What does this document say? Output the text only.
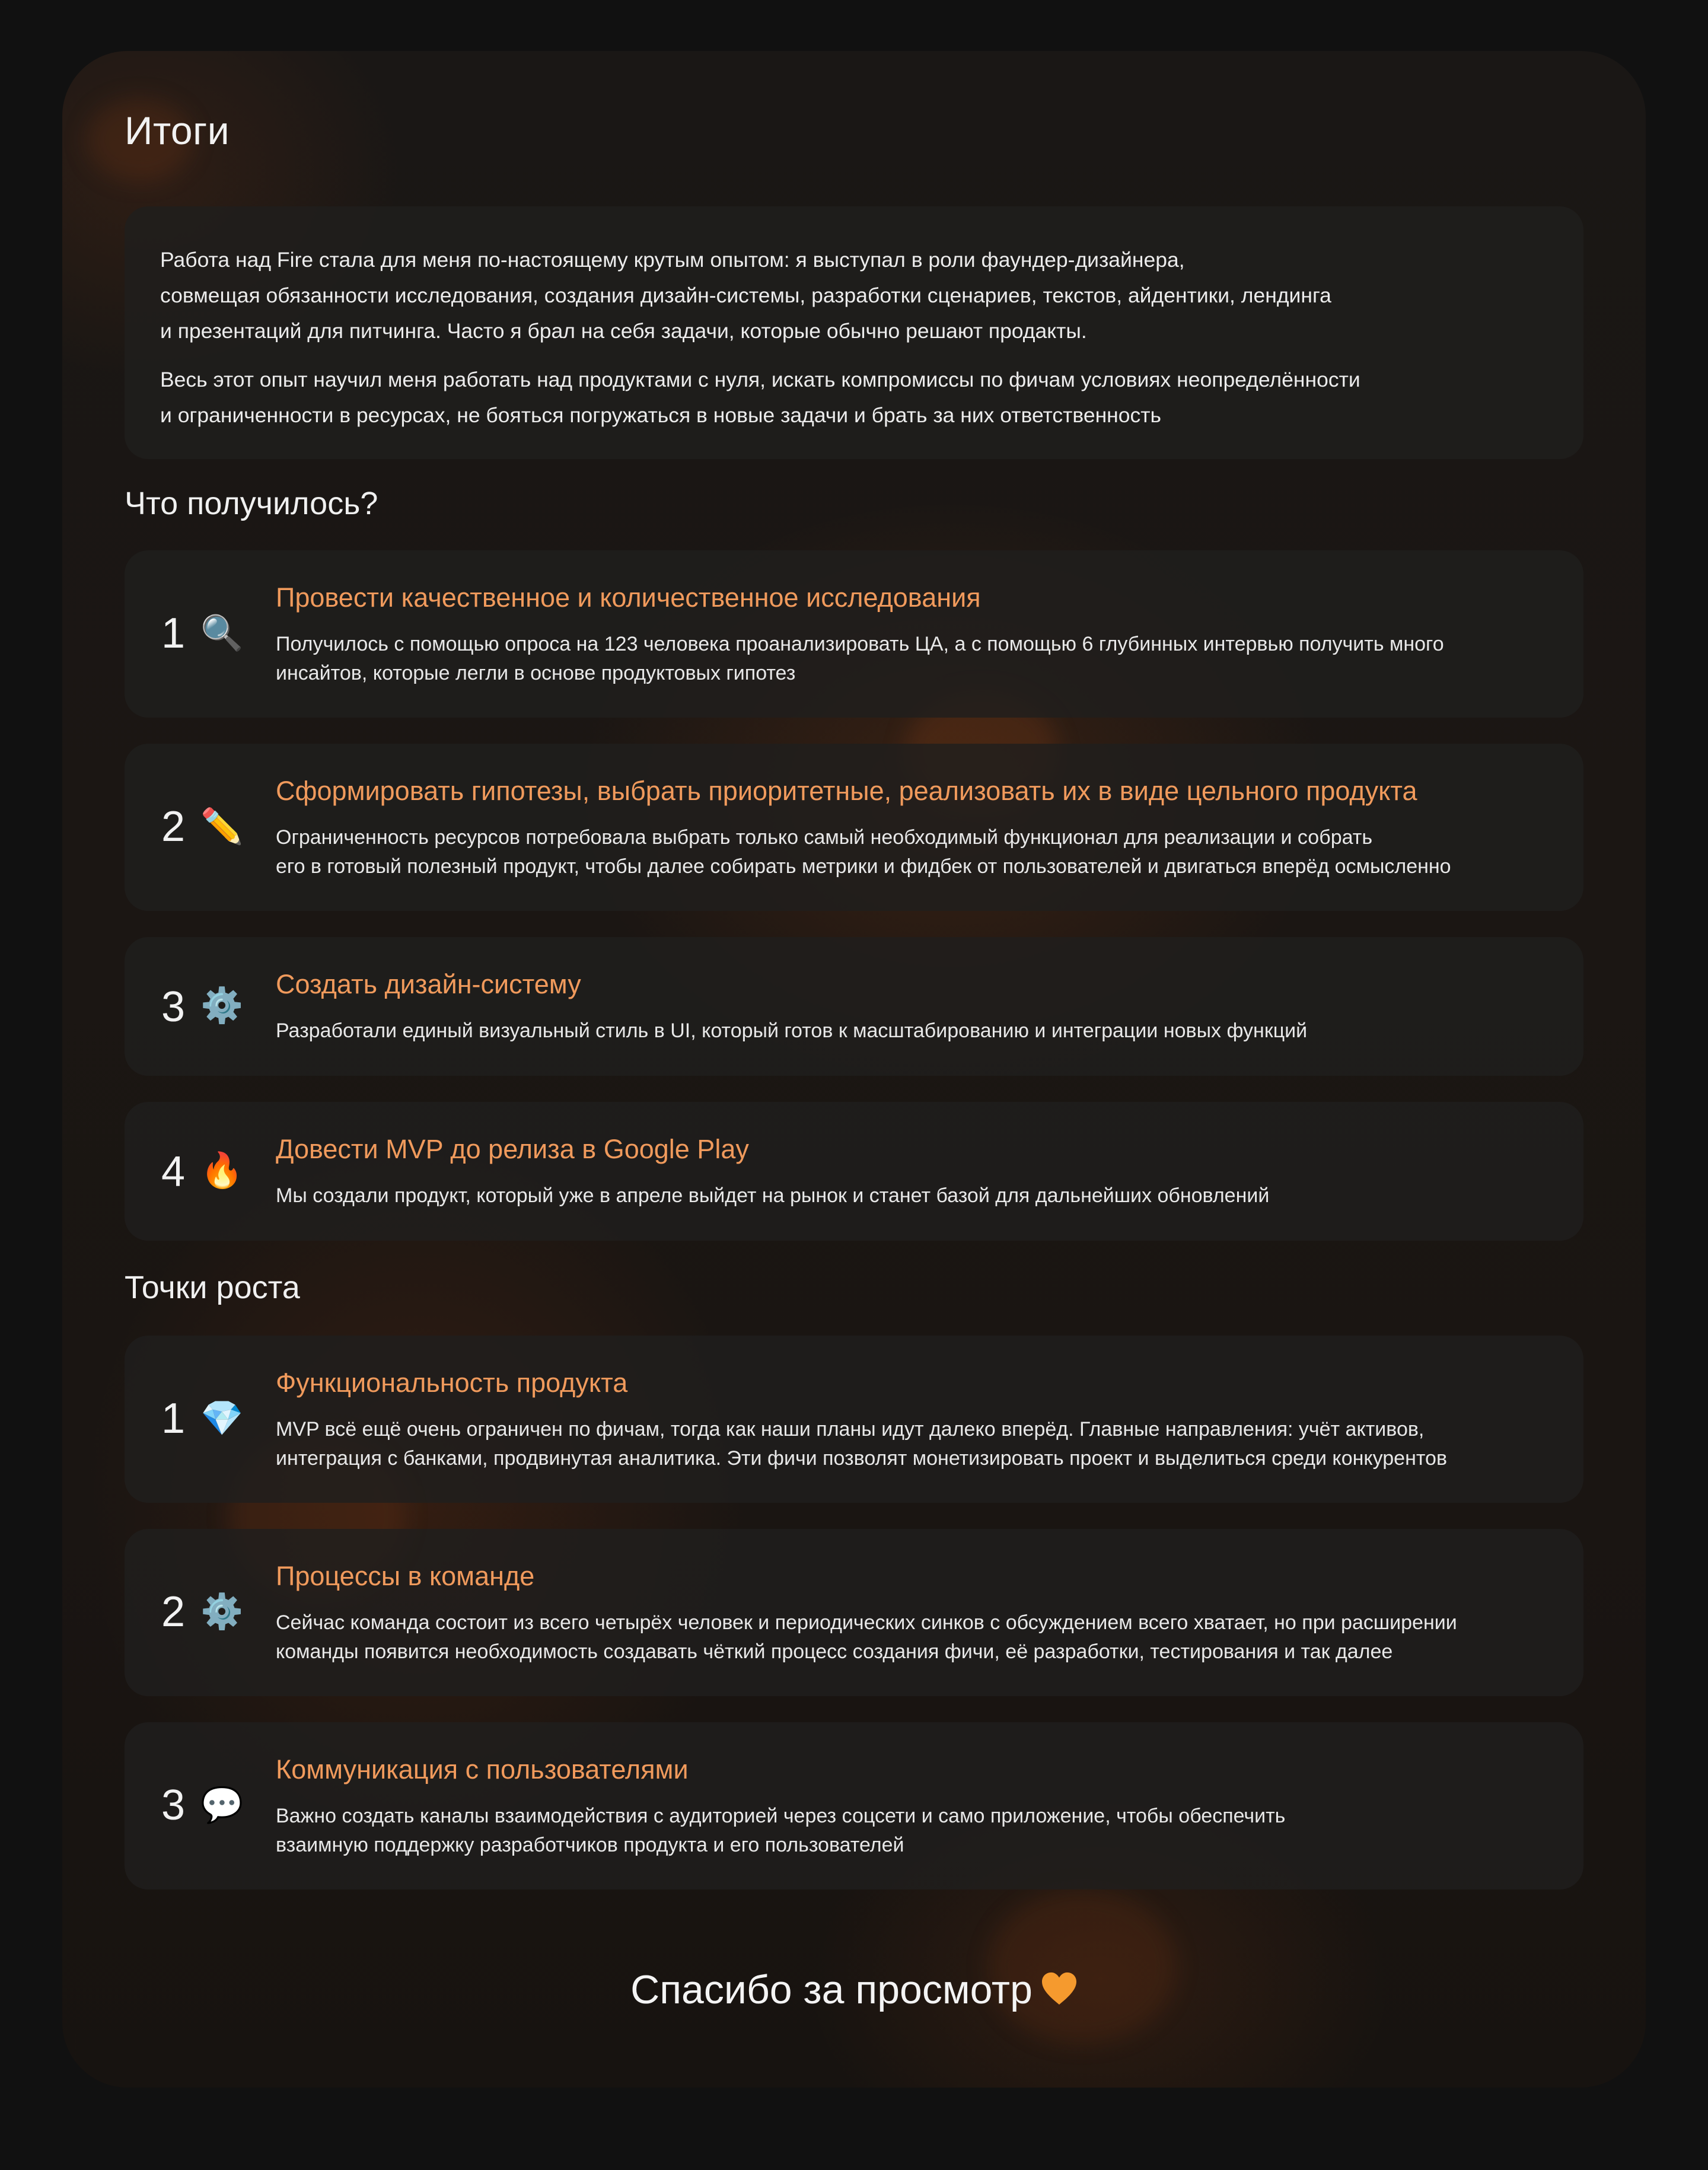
Итоги

Работа над Fire стала для меня по-настоящему крутым опытом: я выступал в роли фаундер-дизайнера,
совмещая обязанности исследования, создания дизайн-системы, разработки сценариев, текстов, айдентики, лендинга
и презентаций для питчинга. Часто я брал на себя задачи, которые обычно решают продакты.

Весь этот опыт научил меня работать над продуктами с нуля, искать компромиссы по фичам условиях неопределённости
и ограниченности в ресурсах, не бояться погружаться в новые задачи и брать за них ответственность

Что получилось?
1 🔍
Провести качественное и количественное исследования
Получилось с помощью опроса на 123 человека проанализировать ЦА, а с помощью 6 глубинных интервью получить много
инсайтов, которые легли в основе продуктовых гипотез
2 ✏️
Сформировать гипотезы, выбрать приоритетные, реализовать их в виде цельного продукта
Ограниченность ресурсов потребовала выбрать только самый необходимый функционал для реализации и собрать
его в готовый полезный продукт, чтобы далее собирать метрики и фидбек от пользователей и двигаться вперёд осмысленно
3 ⚙️
Создать дизайн-систему
Разработали единый визуальный стиль в UI, который готов к масштабированию и интеграции новых функций
4 🔥
Довести MVP до релиза в Google Play
Мы создали продукт, который уже в апреле выйдет на рынок и станет базой для дальнейших обновлений
Точки роста
1 💎
Функциональность продукта
MVP всё ещё очень ограничен по фичам, тогда как наши планы идут далеко вперёд. Главные направления: учёт активов,
интеграция с банками, продвинутая аналитика. Эти фичи позволят монетизировать проект и выделиться среди конкурентов
2 ⚙️
Процессы в команде
Сейчас команда состоит из всего четырёх человек и периодических синков с обсуждением всего хватает, но при расширении
команды появится необходимость создавать чёткий процесс создания фичи, её разработки, тестирования и так далее
3 💬
Коммуникация с пользователями
Важно создать каналы взаимодействия с аудиторией через соцсети и само приложение, чтобы обеспечить
взаимную поддержку разработчиков продукта и его пользователей
Спасибо за просмотр
